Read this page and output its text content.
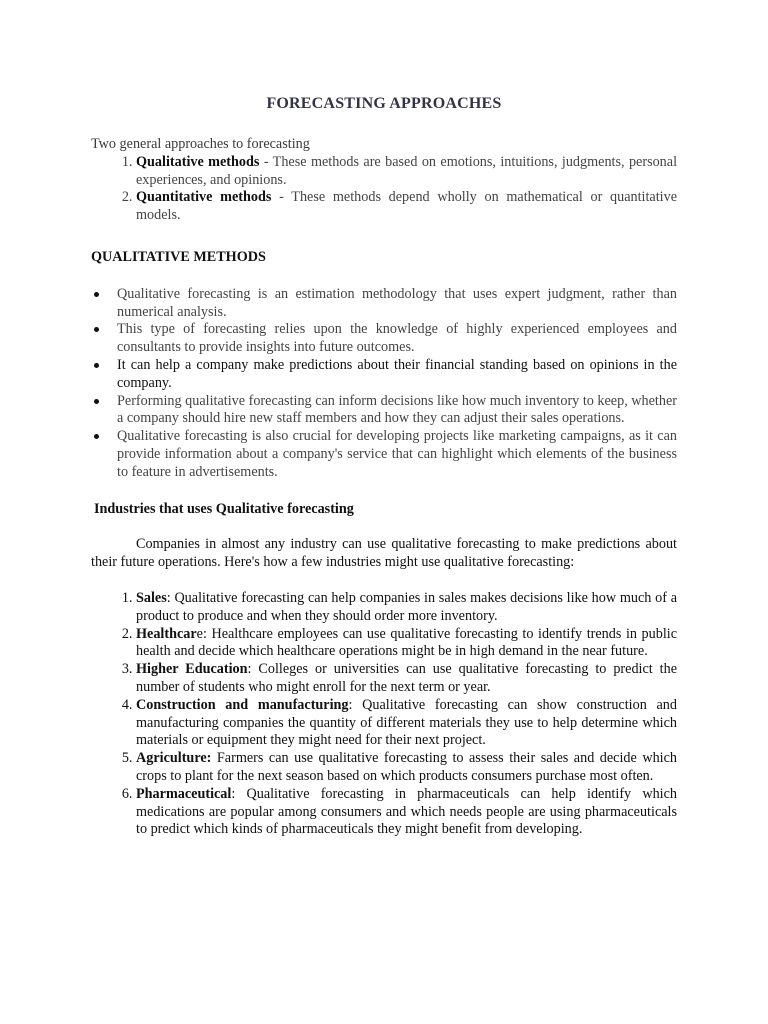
FORECASTING APPROACHES

Two general approaches to forecasting

1. Qualitative methods - These methods are based on emotions, intuitions, judgments, personal experiences, and opinions.
2. Quantitative methods - These methods depend wholly on mathematical or quantitative models.
QUALITATIVE METHODS
Qualitative forecasting is an estimation methodology that uses expert judgment, rather than numerical analysis.
This type of forecasting relies upon the knowledge of highly experienced employees and consultants to provide insights into future outcomes.
It can help a company make predictions about their financial standing based on opinions in the company.
Performing qualitative forecasting can inform decisions like how much inventory to keep, whether a company should hire new staff members and how they can adjust their sales operations.
Qualitative forecasting is also crucial for developing projects like marketing campaigns, as it can provide information about a company's service that can highlight which elements of the business to feature in advertisements.
Industries that uses Qualitative forecasting

Companies in almost any industry can use qualitative forecasting to make predictions about their future operations. Here's how a few industries might use qualitative forecasting:

1. Sales: Qualitative forecasting can help companies in sales makes decisions like how much of a product to produce and when they should order more inventory.
2. Healthcare: Healthcare employees can use qualitative forecasting to identify trends in public health and decide which healthcare operations might be in high demand in the near future.
3. Higher Education: Colleges or universities can use qualitative forecasting to predict the number of students who might enroll for the next term or year.
4. Construction and manufacturing: Qualitative forecasting can show construction and manufacturing companies the quantity of different materials they use to help determine which materials or equipment they might need for their next project.
5. Agriculture: Farmers can use qualitative forecasting to assess their sales and decide which crops to plant for the next season based on which products consumers purchase most often.
6. Pharmaceutical: Qualitative forecasting in pharmaceuticals can help identify which medications are popular among consumers and which needs people are using pharmaceuticals to predict which kinds of pharmaceuticals they might benefit from developing.
